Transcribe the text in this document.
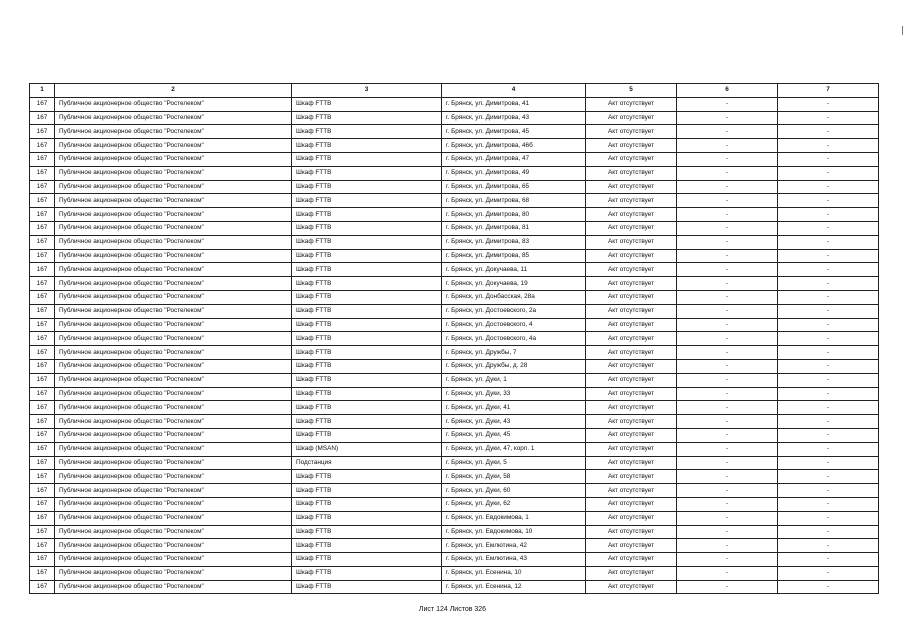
1	2	3	4	5	6	7
167	Публичное акционерное общество "Ростелеком"	Шкаф FTTB	г. Брянск, ул. Димитрова, 41	Акт отсутствует	-	-
167	Публичное акционерное общество "Ростелеком"	Шкаф FTTB	г. Брянск, ул. Димитрова, 43	Акт отсутствует	-	-
167	Публичное акционерное общество "Ростелеком"	Шкаф FTTB	г. Брянск, ул. Димитрова, 45	Акт отсутствует	-	-
167	Публичное акционерное общество "Ростелеком"	Шкаф FTTB	г. Брянск, ул. Димитрова, 46б	Акт отсутствует	-	-
167	Публичное акционерное общество "Ростелеком"	Шкаф FTTB	г. Брянск, ул. Димитрова, 47	Акт отсутствует	-	-
167	Публичное акционерное общество "Ростелеком"	Шкаф FTTB	г. Брянск, ул. Димитрова, 49	Акт отсутствует	-	-
167	Публичное акционерное общество "Ростелеком"	Шкаф FTTB	г. Брянск, ул. Димитрова, 65	Акт отсутствует	-	-
167	Публичное акционерное общество "Ростелеком"	Шкаф FTTB	г. Брянск, ул. Димитрова, 68	Акт отсутствует	-	-
167	Публичное акционерное общество "Ростелеком"	Шкаф FTTB	г. Брянск, ул. Димитрова, 80	Акт отсутствует	-	-
167	Публичное акционерное общество "Ростелеком"	Шкаф FTTB	г. Брянск, ул. Димитрова, 81	Акт отсутствует	-	-
167	Публичное акционерное общество "Ростелеком"	Шкаф FTTB	г. Брянск, ул. Димитрова, 83	Акт отсутствует	-	-
167	Публичное акционерное общество "Ростелеком"	Шкаф FTTB	г. Брянск, ул. Димитрова, 85	Акт отсутствует	-	-
167	Публичное акционерное общество "Ростелеком"	Шкаф FTTB	г. Брянск, ул. Докучаева, 11	Акт отсутствует	-	-
167	Публичное акционерное общество "Ростелеком"	Шкаф FTTB	г. Брянск, ул. Докучаева, 19	Акт отсутствует	-	-
167	Публичное акционерное общество "Ростелеком"	Шкаф FTTB	г. Брянск, ул. Донбасская, 28а	Акт отсутствует	-	-
167	Публичное акционерное общество "Ростелеком"	Шкаф FTTB	г. Брянск, ул. Достоевского, 2а	Акт отсутствует	-	-
167	Публичное акционерное общество "Ростелеком"	Шкаф FTTB	г. Брянск, ул. Достоевского, 4	Акт отсутствует	-	-
167	Публичное акционерное общество "Ростелеком"	Шкаф FTTB	г. Брянск, ул. Достоевского, 4а	Акт отсутствует	-	-
167	Публичное акционерное общество "Ростелеком"	Шкаф FTTB	г. Брянск, ул. Дружбы, 7	Акт отсутствует	-	-
167	Публичное акционерное общество "Ростелеком"	Шкаф FTTB	г. Брянск, ул. Дружбы, д. 28	Акт отсутствует	-	-
167	Публичное акционерное общество "Ростелеком"	Шкаф FTTB	г. Брянск, ул. Дуки, 1	Акт отсутствует	-	-
167	Публичное акционерное общество "Ростелеком"	Шкаф FTTB	г. Брянск, ул. Дуки, 33	Акт отсутствует	-	-
167	Публичное акционерное общество "Ростелеком"	Шкаф FTTB	г. Брянск, ул. Дуки, 41	Акт отсутствует	-	-
167	Публичное акционерное общество "Ростелеком"	Шкаф FTTB	г. Брянск, ул. Дуки, 43	Акт отсутствует	-	-
167	Публичное акционерное общество "Ростелеком"	Шкаф FTTB	г. Брянск, ул. Дуки, 45	Акт отсутствует	-	-
167	Публичное акционерное общество "Ростелеком"	Шкаф (MSAN)	г. Брянск, ул. Дуки, 47, корп. 1	Акт отсутствует	-	-
167	Публичное акционерное общество "Ростелеком"	Подстанция	г. Брянск, ул. Дуки, 5	Акт отсутствует	-	-
167	Публичное акционерное общество "Ростелеком"	Шкаф FTTB	г. Брянск, ул. Дуки, 58	Акт отсутствует	-	-
167	Публичное акционерное общество "Ростелеком"	Шкаф FTTB	г. Брянск, ул. Дуки, 60	Акт отсутствует	-	-
167	Публичное акционерное общество "Ростелеком"	Шкаф FTTB	г. Брянск, ул. Дуки, 62	Акт отсутствует	-	-
167	Публичное акционерное общество "Ростелеком"	Шкаф FTTB	г. Брянск, ул. Евдокимова, 1	Акт отсутствует	-	-
167	Публичное акционерное общество "Ростелеком"	Шкаф FTTB	г. Брянск, ул. Евдокимова, 10	Акт отсутствует	-	-
167	Публичное акционерное общество "Ростелеком"	Шкаф FTTB	г. Брянск, ул. Емлютина, 42	Акт отсутствует	-	-
167	Публичное акционерное общество "Ростелеком"	Шкаф FTTB	г. Брянск, ул. Емлютина, 43	Акт отсутствует	-	-
167	Публичное акционерное общество "Ростелеком"	Шкаф FTTB	г. Брянск, ул. Есенина, 10	Акт отсутствует	-	-
167	Публичное акционерное общество "Ростелеком"	Шкаф FTTB	г. Брянск, ул. Есенина, 12	Акт отсутствует	-	-
Лист 124 Листов 326
